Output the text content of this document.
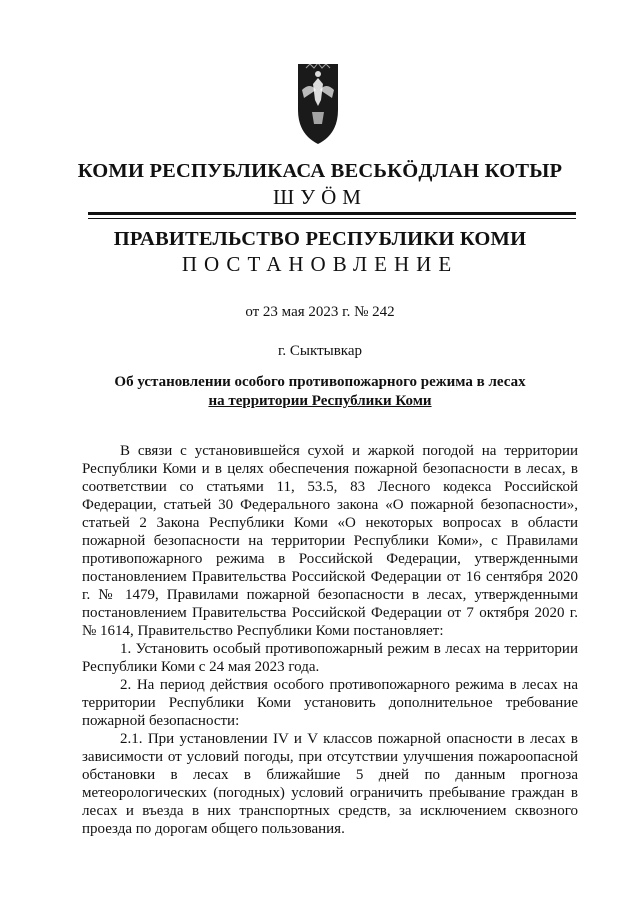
КОМИ РЕСПУБЛИКАСА ВЕСЬКÖДЛАН КОТЫР
ШУÖМ
ПРАВИТЕЛЬСТВО РЕСПУБЛИКИ КОМИ
ПОСТАНОВЛЕНИЕ
от 23 мая 2023 г. № 242
г. Сыктывкар
Об установлении особого противопожарного режима в лесах
на территории Республики Коми

В связи с установившейся сухой и жаркой погодой на территории Республики Коми и в целях обеспечения пожарной безопасности в лесах, в соответствии со статьями 11, 53.5, 83 Лесного кодекса Российской Федерации, статьей 30 Федерального закона «О пожарной безопасности», статьей 2 Закона Республики Коми «О некоторых вопросах в области пожарной безопасности на территории Республики Коми», с Правилами противопожарного режима в Российской Федерации, утвержденными постановлением Правительства Российской Федерации от 16 сентября 2020 г. № 1479, Правилами пожарной безопасности в лесах, утвержденными постановлением Правительства Российской Федерации от 7 октября 2020 г. № 1614, Правительство Республики Коми постановляет:

1. Установить особый противопожарный режим в лесах на территории Республики Коми с 24 мая 2023 года.

2. На период действия особого противопожарного режима в лесах на территории Республики Коми установить дополнительное требование пожарной безопасности:

2.1. При установлении IV и V классов пожарной опасности в лесах в зависимости от условий погоды, при отсутствии улучшения пожароопасной обстановки в лесах в ближайшие 5 дней по данным прогноза метеорологических (погодных) условий ограничить пребывание граждан в лесах и въезда в них транспортных средств, за исключением сквозного проезда по дорогам общего пользования.
